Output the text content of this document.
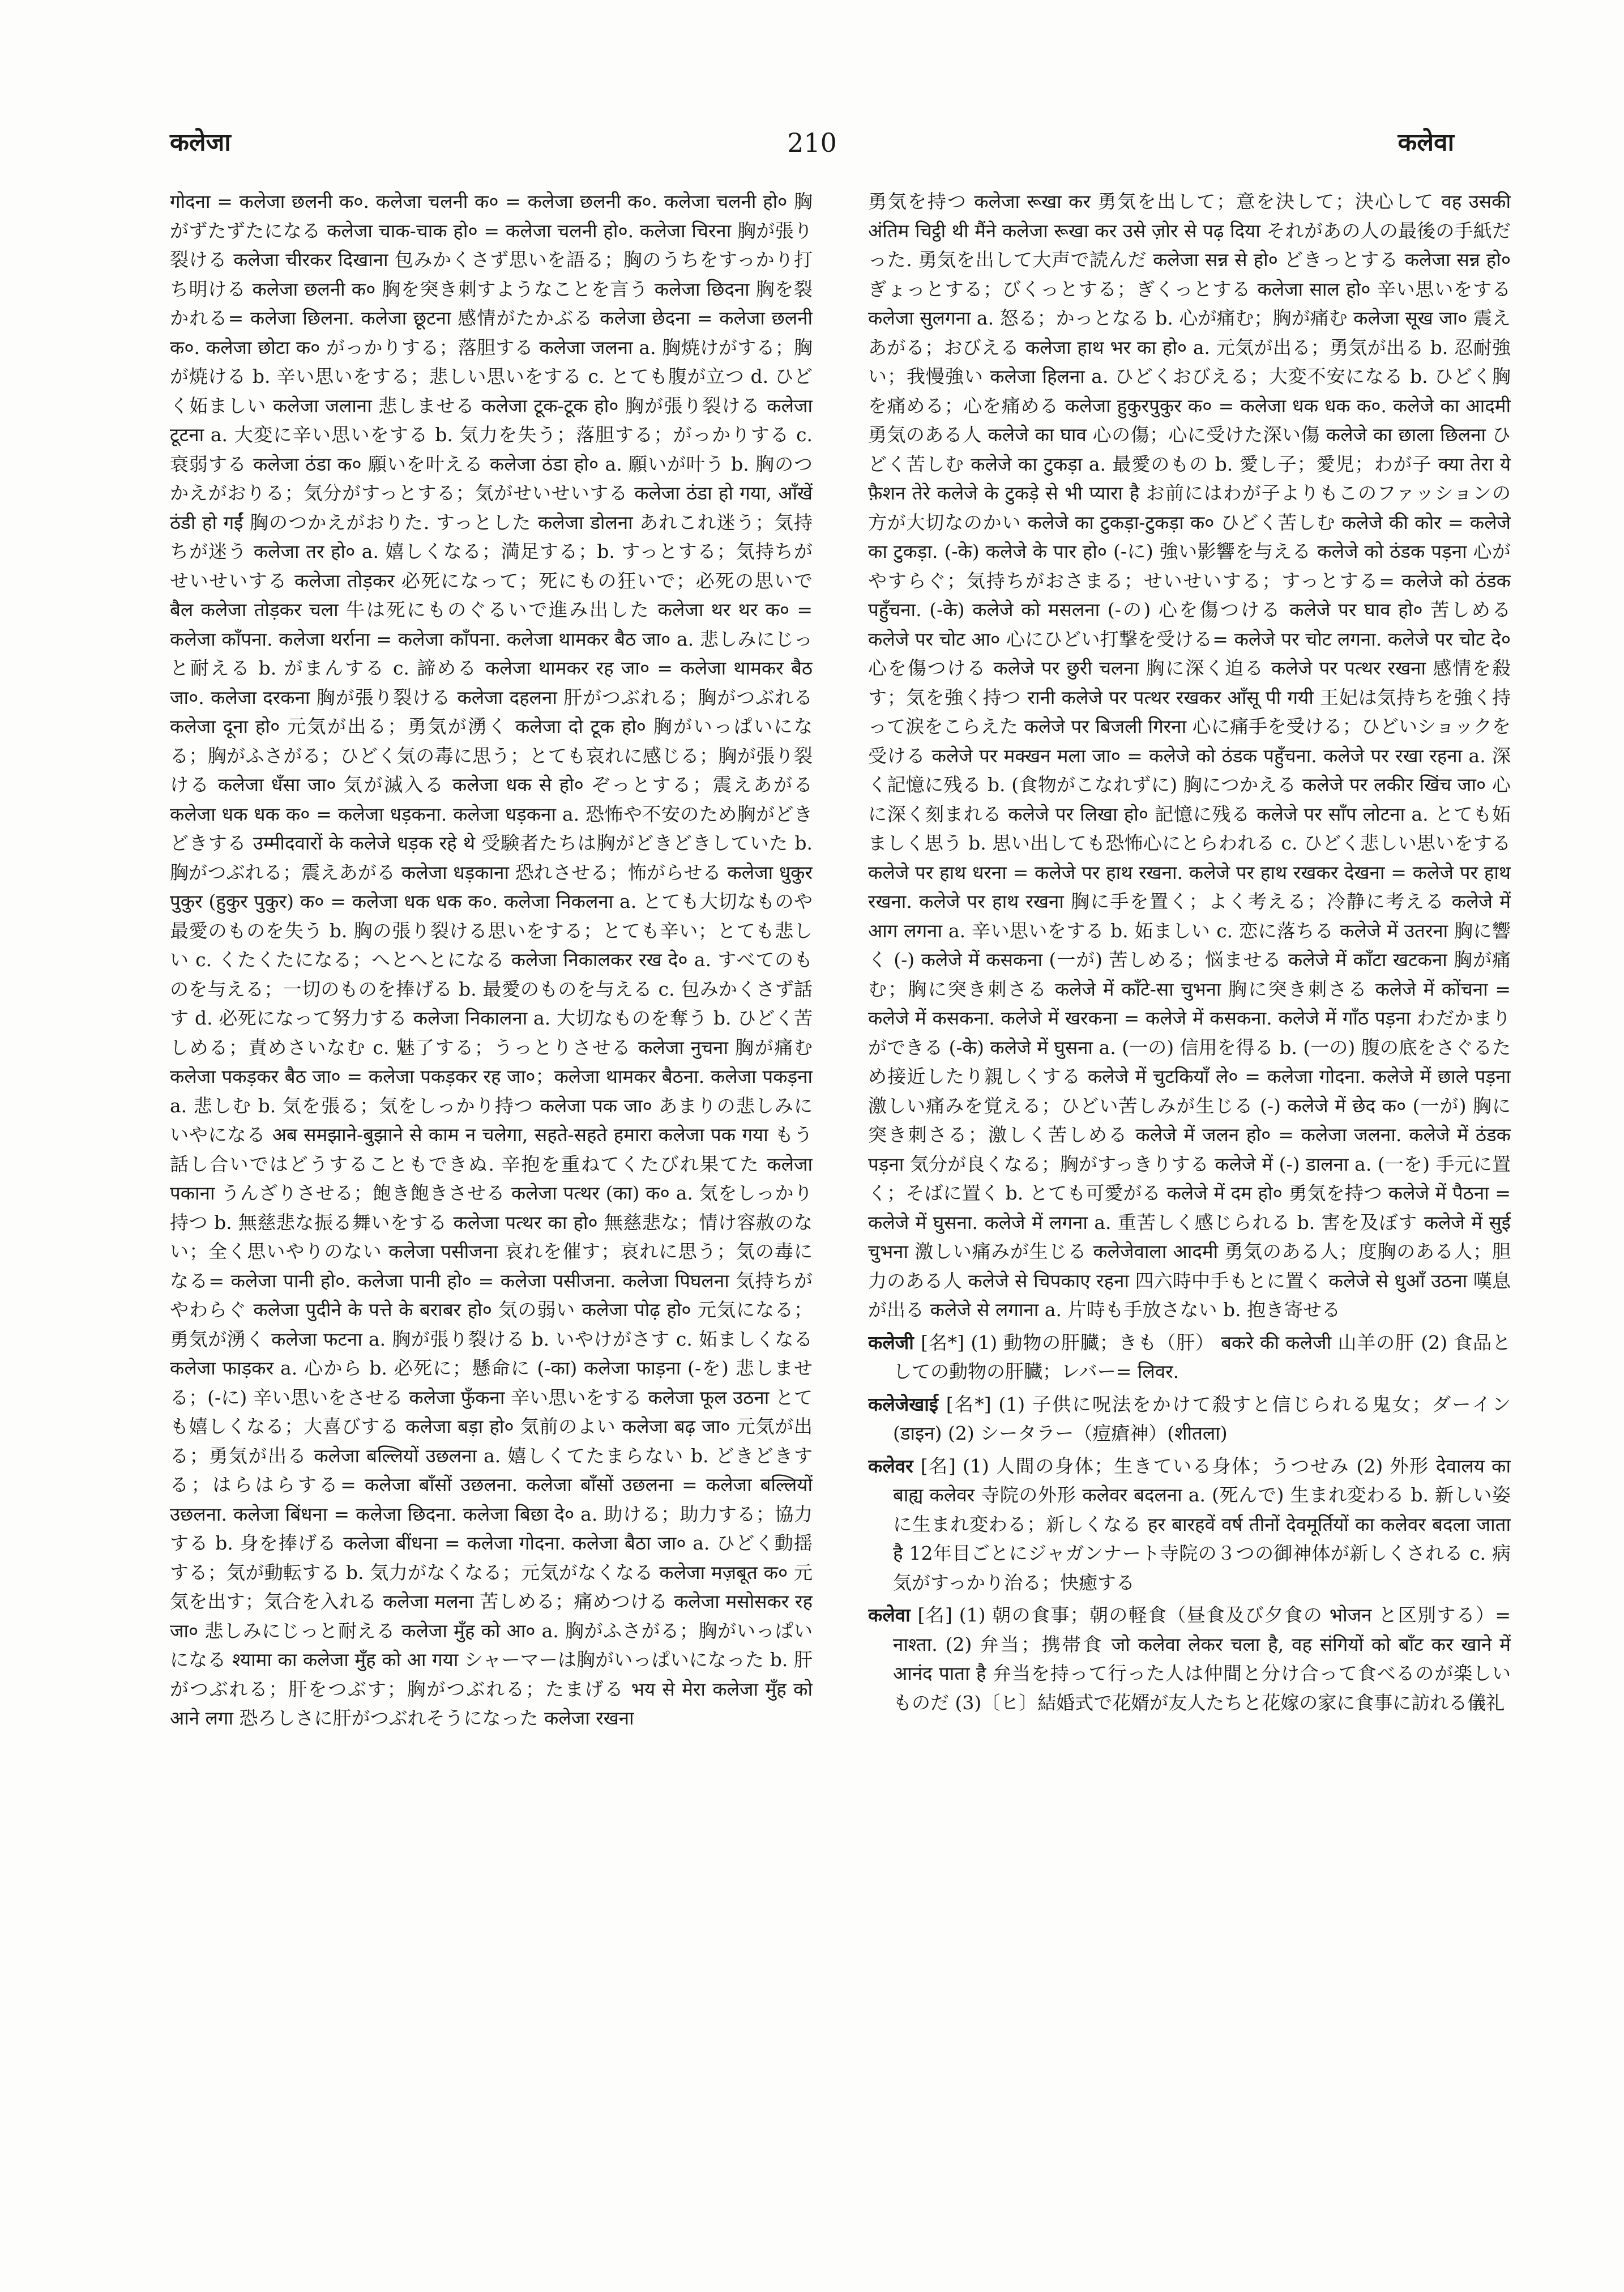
कलेजा	210	कलेवा

गोदना = कलेजा छलनी क०. कलेजा चलनी क० = कलेजा छलनी क०. कलेजा चलनी हो० 胸がずたずたになる कलेजा चाक-चाक हो० = कलेजा चलनी हो०. कलेजा चिरना 胸が張り裂ける कलेजा चीरकर दिखाना 包みかくさず思いを語る；胸のうちをすっかり打ち明ける कलेजा छलनी क० 胸を突き刺すようなことを言う कलेजा छिदना 胸を裂かれる= कलेजा छिलना. कलेजा छूटना 感情がたかぶる कलेजा छेदना = कलेजा छलनी क०. कलेजा छोटा क० がっかりする；落胆する कलेजा जलना a. 胸焼けがする；胸が焼ける b. 辛い思いをする；悲しい思いをする c. とても腹が立つ d. ひどく妬ましい कलेजा जलाना 悲しませる कलेजा टूक-टूक हो० 胸が張り裂ける कलेजा टूटना a. 大変に辛い思いをする b. 気力を失う；落胆する；がっかりする c. 衰弱する कलेजा ठंडा क० 願いを叶える कलेजा ठंडा हो० a. 願いが叶う b. 胸のつかえがおりる；気分がすっとする；気がせいせいする कलेजा ठंडा हो गया, आँखें ठंडी हो गईं 胸のつかえがおりた. すっとした कलेजा डोलना あれこれ迷う；気持ちが迷う कलेजा तर हो० a. 嬉しくなる；満足する；b. すっとする；気持ちがせいせいする कलेजा तोड़कर 必死になって；死にもの狂いで；必死の思いで बैल कलेजा तोड़कर चला 牛は死にものぐるいで進み出した कलेजा थर थर क० = कलेजा काँपना. कलेजा थर्राना = कलेजा काँपना. कलेजा थामकर बैठ जा० a. 悲しみにじっと耐える b. がまんする c. 諦める कलेजा थामकर रह जा० = कलेजा थामकर बैठ जा०. कलेजा दरकना 胸が張り裂ける कलेजा दहलना 肝がつぶれる；胸がつぶれる कलेजा दूना हो० 元気が出る；勇気が湧く कलेजा दो टूक हो० 胸がいっぱいになる；胸がふさがる；ひどく気の毒に思う；とても哀れに感じる；胸が張り裂ける कलेजा धँसा जा० 気が滅入る कलेजा धक से हो० ぞっとする；震えあがる कलेजा धक धक क० = कलेजा धड़कना. कलेजा धड़कना a. 恐怖や不安のため胸がどきどきする उम्मीदवारों के कलेजे धड़क रहे थे 受験者たちは胸がどきどきしていた b. 胸がつぶれる；震えあがる कलेजा धड़काना 恐れさせる；怖がらせる कलेजा धुकुर पुकुर (हुकुर पुकुर) क० = कलेजा धक धक क०. कलेजा निकलना a. とても大切なものや最愛のものを失う b. 胸の張り裂ける思いをする；とても辛い；とても悲しい c. くたくたになる；へとへとになる कलेजा निकालकर रख दे० a. すべてのものを与える；一切のものを捧げる b. 最愛のものを与える c. 包みかくさず話す d. 必死になって努力する कलेजा निकालना a. 大切なものを奪う b. ひどく苦しめる；責めさいなむ c. 魅了する；うっとりさせる कलेजा नुचना 胸が痛む कलेजा पकड़कर बैठ जा० = कलेजा पकड़कर रह जा०；कलेजा थामकर बैठना. कलेजा पकड़ना a. 悲しむ b. 気を張る；気をしっかり持つ कलेजा पक जा० あまりの悲しみにいやになる अब समझाने-बुझाने से काम न चलेगा, सहते-सहते हमारा कलेजा पक गया もう話し合いではどうすることもできぬ. 辛抱を重ねてくたびれ果てた कलेजा पकाना うんざりさせる；飽き飽きさせる कलेजा पत्थर (का) क० a. 気をしっかり持つ b. 無慈悲な振る舞いをする कलेजा पत्थर का हो० 無慈悲な；情け容赦のない；全く思いやりのない कलेजा पसीजना 哀れを催す；哀れに思う；気の毒になる= कलेजा पानी हो०. कलेजा पानी हो० = कलेजा पसीजना. कलेजा पिघलना 気持ちがやわらぐ कलेजा पुदीने के पत्ते के बराबर हो० 気の弱い कलेजा पोढ़ हो० 元気になる；勇気が湧く कलेजा फटना a. 胸が張り裂ける b. いやけがさす c. 妬ましくなる कलेजा फाड़कर a. 心から b. 必死に；懸命に (-का) कलेजा फाड़ना (-を) 悲しませる；(-に) 辛い思いをさせる कलेजा फुँकना 辛い思いをする कलेजा फूल उठना とても嬉しくなる；大喜びする कलेजा बड़ा हो० 気前のよい कलेजा बढ़ जा० 元気が出る；勇気が出る कलेजा बल्लियों उछलना a. 嬉しくてたまらない b. どきどきする；はらはらする= कलेजा बाँसों उछलना. कलेजा बाँसों उछलना = कलेजा बल्लियों उछलना. कलेजा बिंधना = कलेजा छिदना. कलेजा बिछा दे० a. 助ける；助力する；協力する b. 身を捧げる कलेजा बींधना = कलेजा गोदना. कलेजा बैठा जा० a. ひどく動揺する；気が動転する b. 気力がなくなる；元気がなくなる कलेजा मज़बूत क० 元気を出す；気合を入れる कलेजा मलना 苦しめる；痛めつける कलेजा मसोसकर रह जा० 悲しみにじっと耐える कलेजा मुँह को आ० a. 胸がふさがる；胸がいっぱいになる श्यामा का कलेजा मुँह को आ गया シャーマーは胸がいっぱいになった b. 肝がつぶれる；肝をつぶす；胸がつぶれる；たまげる भय से मेरा कलेजा मुँह को आने लगा 恐ろしさに肝がつぶれそうになった कलेजा रखना

勇気を持つ कलेजा रूखा कर 勇気を出して；意を決して；決心して वह उसकी अंतिम चिट्ठी थी मैंने कलेजा रूखा कर उसे ज़ोर से पढ़ दिया それがあの人の最後の手紙だった. 勇気を出して大声で読んだ कलेजा सन्न से हो० どきっとする कलेजा सन्न हो० ぎょっとする；びくっとする；ぎくっとする कलेजा साल हो० 辛い思いをする कलेजा सुलगना a. 怒る；かっとなる b. 心が痛む；胸が痛む कलेजा सूख जा० 震えあがる；おびえる कलेजा हाथ भर का हो० a. 元気が出る；勇気が出る b. 忍耐強い；我慢強い कलेजा हिलना a. ひどくおびえる；大変不安になる b. ひどく胸を痛める；心を痛める कलेजा हुकुरपुकुर क० = कलेजा धक धक क०. कलेजे का आदमी 勇気のある人 कलेजे का घाव 心の傷；心に受けた深い傷 कलेजे का छाला छिलना ひどく苦しむ कलेजे का टुकड़ा a. 最愛のもの b. 愛し子；愛児；わが子 क्या तेरा ये फ़ैशन तेरे कलेजे के टुकड़े से भी प्यारा है お前にはわが子よりもこのファッションの方が大切なのかい कलेजे का टुकड़ा-टुकड़ा क० ひどく苦しむ कलेजे की कोर = कलेजे का टुकड़ा. (-के) कलेजे के पार हो० (-に) 強い影響を与える कलेजे को ठंडक पड़ना 心がやすらぐ；気持ちがおさまる；せいせいする；すっとする= कलेजे को ठंडक पहुँचना. (-के) कलेजे को मसलना (-の) 心を傷つける कलेजे पर घाव हो० 苦しめる कलेजे पर चोट आ० 心にひどい打撃を受ける= कलेजे पर चोट लगना. कलेजे पर चोट दे० 心を傷つける कलेजे पर छुरी चलना 胸に深く迫る कलेजे पर पत्थर रखना 感情を殺す；気を強く持つ रानी कलेजे पर पत्थर रखकर आँसू पी गयी 王妃は気持ちを強く持って涙をこらえた कलेजे पर बिजली गिरना 心に痛手を受ける；ひどいショックを受ける कलेजे पर मक्खन मला जा० = कलेजे को ठंडक पहुँचना. कलेजे पर रखा रहना a. 深く記憶に残る b. (食物がこなれずに) 胸につかえる कलेजे पर लकीर खिंच जा० 心に深く刻まれる कलेजे पर लिखा हो० 記憶に残る कलेजे पर साँप लोटना a. とても妬ましく思う b. 思い出しても恐怖心にとらわれる c. ひどく悲しい思いをする कलेजे पर हाथ धरना = कलेजे पर हाथ रखना. कलेजे पर हाथ रखकर देखना = कलेजे पर हाथ रखना. कलेजे पर हाथ रखना 胸に手を置く；よく考える；冷静に考える कलेजे में आग लगना a. 辛い思いをする b. 妬ましい c. 恋に落ちる कलेजे में उतरना 胸に響く (-) कलेजे में कसकना (一が) 苦しめる；悩ませる कलेजे में काँटा खटकना 胸が痛む；胸に突き刺さる कलेजे में काँटे-सा चुभना 胸に突き刺さる कलेजे में कोंचना = कलेजे में कसकना. कलेजे में खरकना = कलेजे में कसकना. कलेजे में गाँठ पड़ना わだかまりができる (-के) कलेजे में घुसना a. (一の) 信用を得る b. (一の) 腹の底をさぐるため接近したり親しくする कलेजे में चुटकियाँ ले० = कलेजा गोदना. कलेजे में छाले पड़ना 激しい痛みを覚える；ひどい苦しみが生じる (-) कलेजे में छेद क० (一が) 胸に突き刺さる；激しく苦しめる कलेजे में जलन हो० = कलेजा जलना. कलेजे में ठंडक पड़ना 気分が良くなる；胸がすっきりする कलेजे में (-) डालना a. (一を) 手元に置く；そばに置く b. とても可愛がる कलेजे में दम हो० 勇気を持つ कलेजे में पैठना = कलेजे में घुसना. कलेजे में लगना a. 重苦しく感じられる b. 害を及ぼす कलेजे में सुई चुभना 激しい痛みが生じる कलेजेवाला आदमी 勇気のある人；度胸のある人；胆力のある人 कलेजे से चिपकाए रहना 四六時中手もとに置く कलेजे से धुआँ उठना 嘆息が出る कलेजे से लगाना a. 片時も手放さない b. 抱き寄せる

कलेजी [名*] (1) 動物の肝臓；きも（肝） बकरे की कलेजी 山羊の肝 (2) 食品としての動物の肝臓；レバー= लिवर.

कलेजेखाई [名*] (1) 子供に呪法をかけて殺すと信じられる鬼女；ダーイン (डाइन) (2) シータラー（痘瘡神）(शीतला)

कलेवर [名] (1) 人間の身体；生きている身体；うつせみ (2) 外形 देवालय का बाह्य कलेवर 寺院の外形 कलेवर बदलना a. (死んで) 生まれ変わる b. 新しい姿に生まれ変わる；新しくなる हर बारहवें वर्ष तीनों देवमूर्तियों का कलेवर बदला जाता है 12年目ごとにジャガンナート寺院の３つの御神体が新しくされる c. 病気がすっかり治る；快癒する

कलेवा [名] (1) 朝の食事；朝の軽食（昼食及び夕食の भोजन と区別する）= नाश्ता. (2) 弁当；携帯食 जो कलेवा लेकर चला है, वह संगियों को बाँट कर खाने में आनंद पाता है 弁当を持って行った人は仲間と分け合って食べるのが楽しいものだ (3)〔ヒ〕結婚式で花婿が友人たちと花嫁の家に食事に訪れる儀礼
